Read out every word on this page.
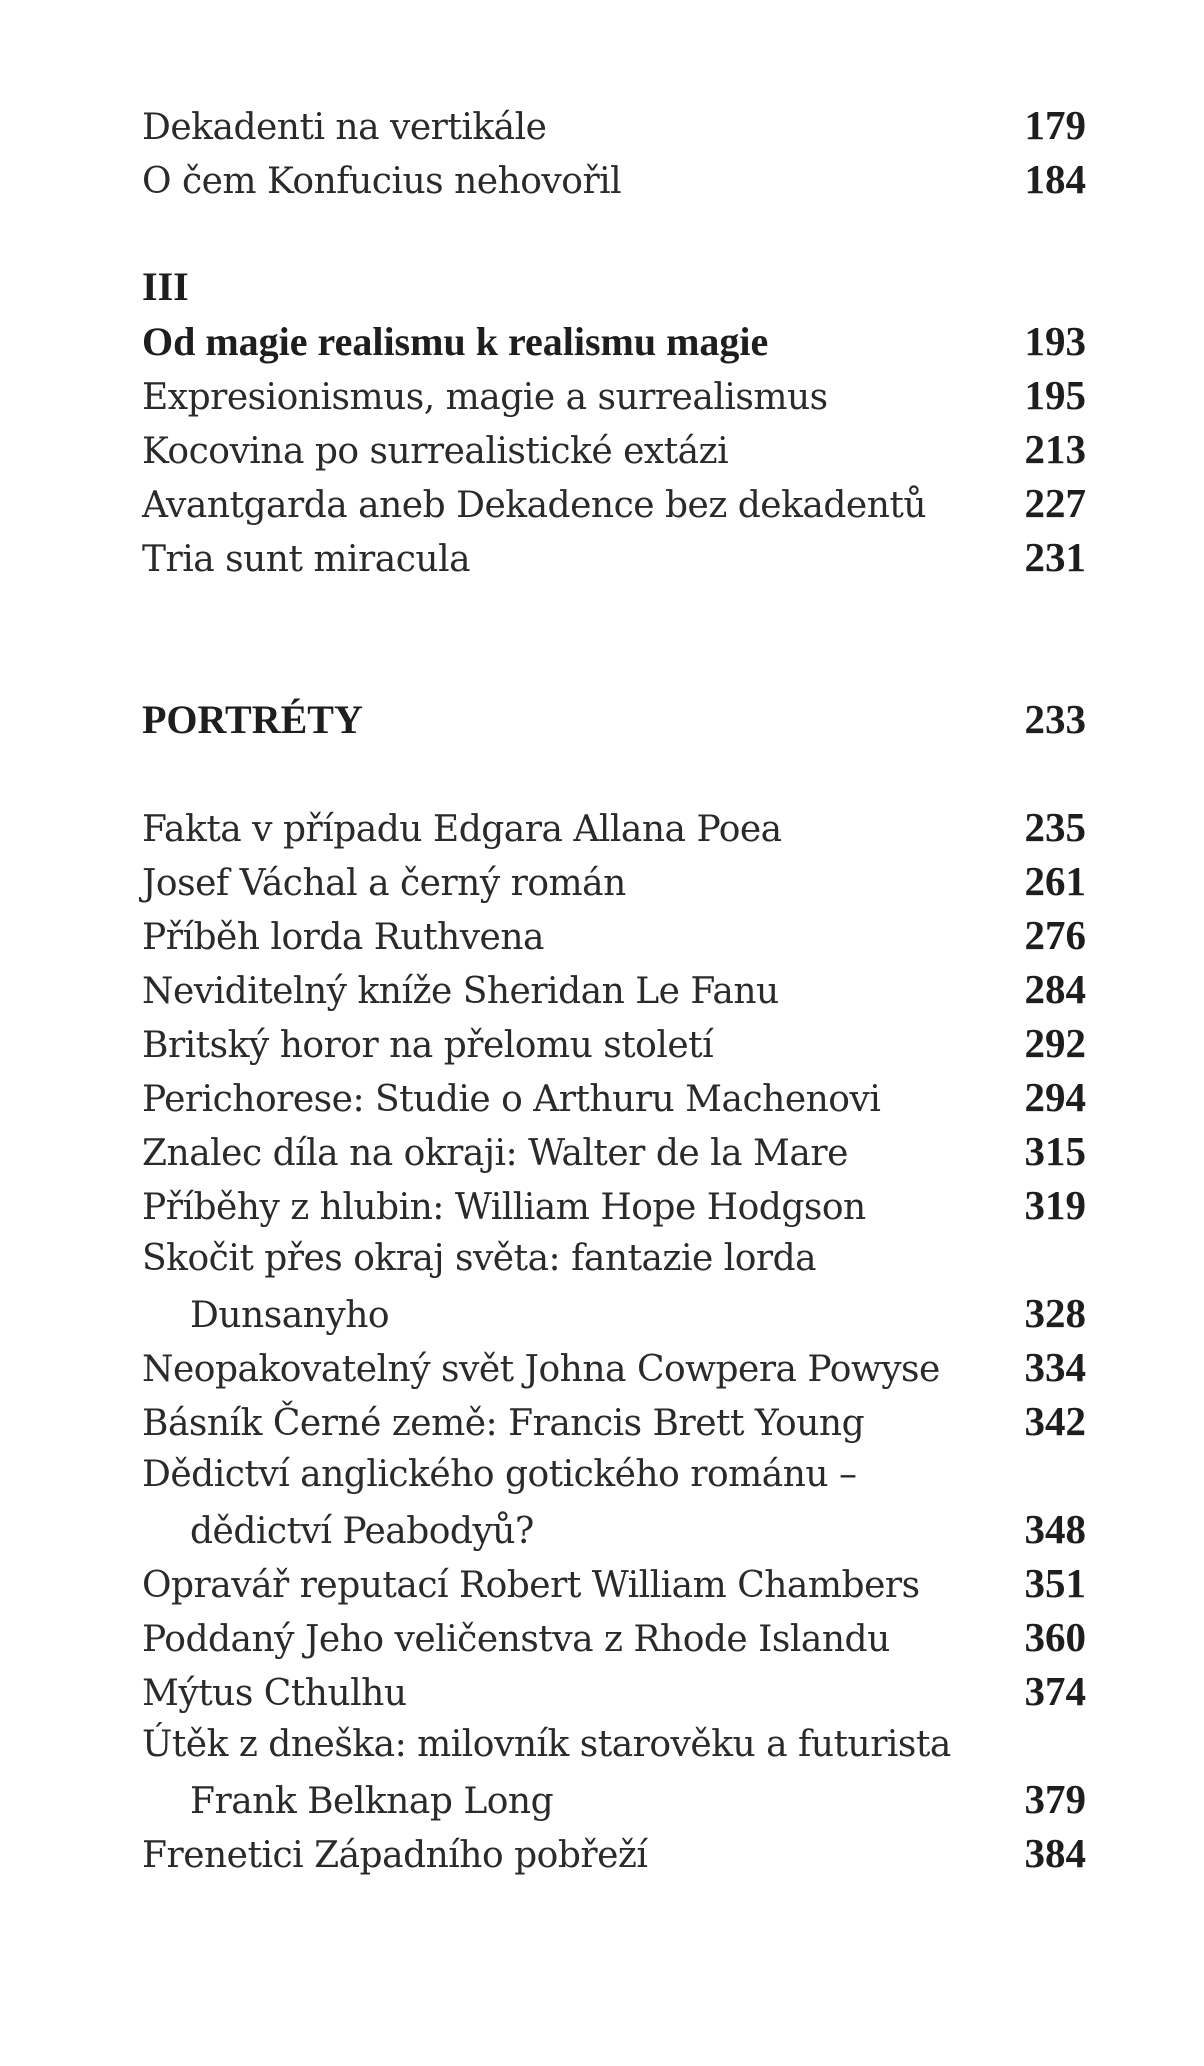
Dekadenti na vertikále	179
O čem Konfucius nehovořil	184
III
Od magie realismu k realismu magie	193
Expresionismus, magie a surrealismus	195
Kocovina po surrealistické extázi	213
Avantgarda aneb Dekadence bez dekadentů	227
Tria sunt miracula	231
PORTRÉTY	233
Fakta v případu Edgara Allana Poea	235
Josef Váchal a černý román	261
Příběh lorda Ruthvena	276
Neviditelný kníže Sheridan Le Fanu	284
Britský horor na přelomu století	292
Perichorese: Studie o Arthuru Machenovi	294
Znalec díla na okraji: Walter de la Mare	315
Příběhy z hlubin: William Hope Hodgson	319
Skočit přes okraj světa: fantazie lorda
Dunsanyho	328
Neopakovatelný svět Johna Cowpera Powyse	334
Básník Černé země: Francis Brett Young	342
Dědictví anglického gotického románu –
dědictví Peabodyů?	348
Opravář reputací Robert William Chambers	351
Poddaný Jeho veličenstva z Rhode Islandu	360
Mýtus Cthulhu	374
Útěk z dneška: milovník starověku a futurista
Frank Belknap Long	379
Frenetici Západního pobřeží	384
